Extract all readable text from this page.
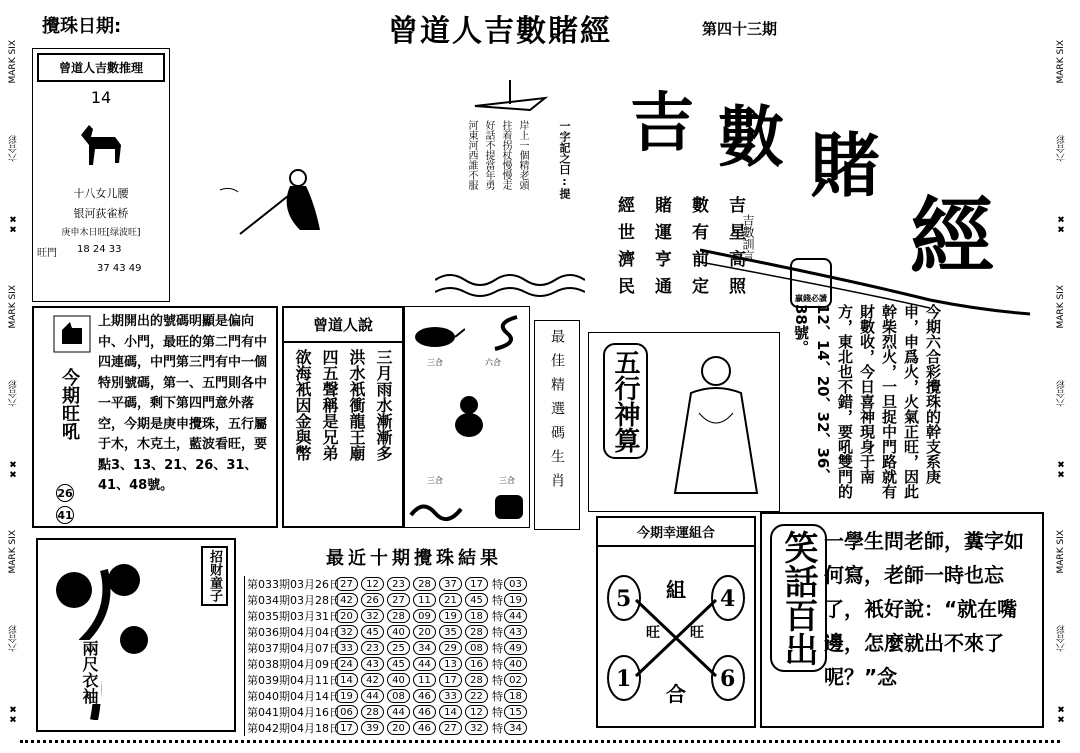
攪珠日期:	曾道人吉數賭經	第四十三期
MARK SIX
六合彩
✖✖
MARK SIX
六合彩
✖✖
MARK SIX
六合彩
✖✖
MARK SIX
六合彩
✖✖
MARK SIX
六合彩
✖✖
MARK SIX
六合彩
✖✖
曾道人吉數推理
14
十八女儿腰
银河荻雀桥
庚申木日旺[绿波旺]
旺門 18 24 33
37 43 49
一字記之曰:提
岸上一個精老頭
拄着拐杖慢慢走
好話不提當年勇
河東河西誰不服 吉 數 賭
經
贏錢必讀
吉數訓言
吉星高照
數有前定
賭運亨通
經世濟民
今期旺吼
26
41
上期開出的號碼明顯是偏向中、小門，最旺的第二門有中四連碼，中門第三門有中一個特別號碼，第一、五門則各中一平碼，剩下第四門意外落空，今期是庚申攪珠，五行屬于木，木克土，藍波看旺，要點3、13、21、26、31、41、48號。
曾道人說
三月雨水漸漸多
洪水衹衝龍王廟
四五聲稱是兄弟
欲海衹因金與幣	三合	六合
三合	三合 最佳精選碼生肖 五行神算	今期六合彩攪珠的幹支系庚申，申爲火，火氣正旺，因此幹柴烈火，一旦捉中門路就有財數收，今日喜神現身于南方，東北也不錯，要吼雙門的12、14、20、32、36、38號。
招财童子
兩尺衣袖
最近十期攪珠結果
第033期03月26日 27	12	23	28	37	17 特 03
第034期03月28日 42	26	27	11	21	45 特 19
第035期03月31日 20	32	28	09	19	18 特 44
第036期04月04日 32	45	40	20	35	28 特 43
第037期04月07日 33	23	25	34	29	08 特 49
第038期04月09日 24	43	45	44	13	16 特 40
第039期04月11日 14	42	40	11	17	28 特 02
第040期04月14日 19	44	08	46	33	22 特 18
第041期04月16日 06	28	44	46	14	12 特 15
第042期04月18日 17	39	20	46	27	32 特 34
今期幸運組合
5	4
1	6
組
合
旺 旺 笑話百出 一學生問老師，糞字如何寫，老師一時也忘了，衹好說：“就在嘴邊，怎麼就出不來了呢？”念
